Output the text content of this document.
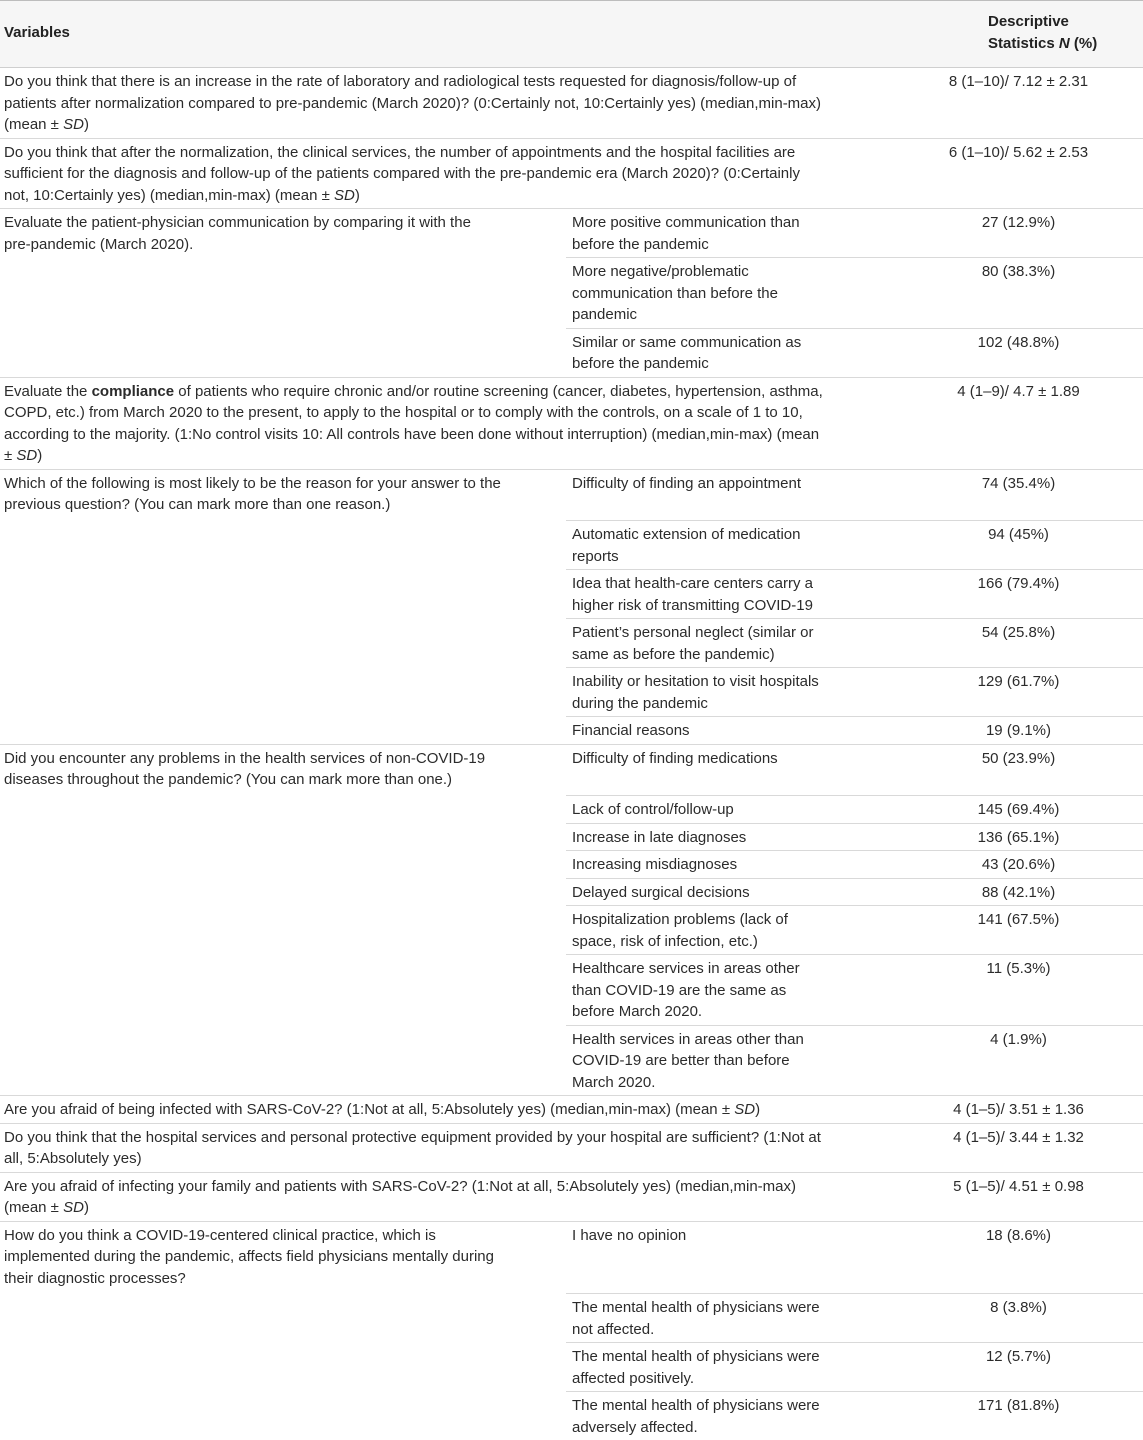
Variables		Descriptive Statistics N (%)
Do you think that there is an increase in the rate of laboratory and radiological tests requested for diagnosis/follow-up of patients after normalization compared to pre-pandemic (March 2020)? (0:Certainly not, 10:Certainly yes) (median,min-max) (mean ± SD)		8 (1–10)/ 7.12 ± 2.31
Do you think that after the normalization, the clinical services, the number of appointments and the hospital facilities are sufficient for the diagnosis and follow-up of the patients compared with the pre-pandemic era (March 2020)? (0:Certainly not, 10:Certainly yes) (median,min-max) (mean ± SD)		6 (1–10)/ 5.62 ± 2.53
Evaluate the patient-physician communication by comparing it with the pre-pandemic (March 2020).	More positive communication than before the pandemic	27 (12.9%)
	More negative/problematic communication than before the pandemic	80 (38.3%)
	Similar or same communication as before the pandemic	102 (48.8%)
Evaluate the compliance of patients who require chronic and/or routine screening (cancer, diabetes, hypertension, asthma, COPD, etc.) from March 2020 to the present, to apply to the hospital or to comply with the controls, on a scale of 1 to 10, according to the majority. (1:No control visits 10: All controls have been done without interruption) (median,min-max) (mean ± SD)		4 (1–9)/ 4.7 ± 1.89
Which of the following is most likely to be the reason for your answer to the previous question? (You can mark more than one reason.)	Difficulty of finding an appointment	74 (35.4%)
	Automatic extension of medication reports	94 (45%)
	Idea that health-care centers carry a higher risk of transmitting COVID-19	166 (79.4%)
	Patient’s personal neglect (similar or same as before the pandemic)	54 (25.8%)
	Inability or hesitation to visit hospitals during the pandemic	129 (61.7%)
	Financial reasons	19 (9.1%)
Did you encounter any problems in the health services of non-COVID-19 diseases throughout the pandemic? (You can mark more than one.)	Difficulty of finding medications	50 (23.9%)
	Lack of control/follow-up	145 (69.4%)
	Increase in late diagnoses	136 (65.1%)
	Increasing misdiagnoses	43 (20.6%)
	Delayed surgical decisions	88 (42.1%)
	Hospitalization problems (lack of space, risk of infection, etc.)	141 (67.5%)
	Healthcare services in areas other than COVID-19 are the same as before March 2020.	11 (5.3%)
	Health services in areas other than COVID-19 are better than before March 2020.	4 (1.9%)
Are you afraid of being infected with SARS-CoV-2? (1:Not at all, 5:Absolutely yes) (median,min-max) (mean ± SD)		4 (1–5)/ 3.51 ± 1.36
Do you think that the hospital services and personal protective equipment provided by your hospital are sufficient? (1:Not at all, 5:Absolutely yes)		4 (1–5)/ 3.44 ± 1.32
Are you afraid of infecting your family and patients with SARS-CoV-2? (1:Not at all, 5:Absolutely yes) (median,min-max) (mean ± SD)		5 (1–5)/ 4.51 ± 0.98
How do you think a COVID-19-centered clinical practice, which is implemented during the pandemic, affects field physicians mentally during their diagnostic processes?	I have no opinion	18 (8.6%)
	The mental health of physicians were not affected.	8 (3.8%)
	The mental health of physicians were affected positively.	12 (5.7%)
	The mental health of physicians were adversely affected.	171 (81.8%)
